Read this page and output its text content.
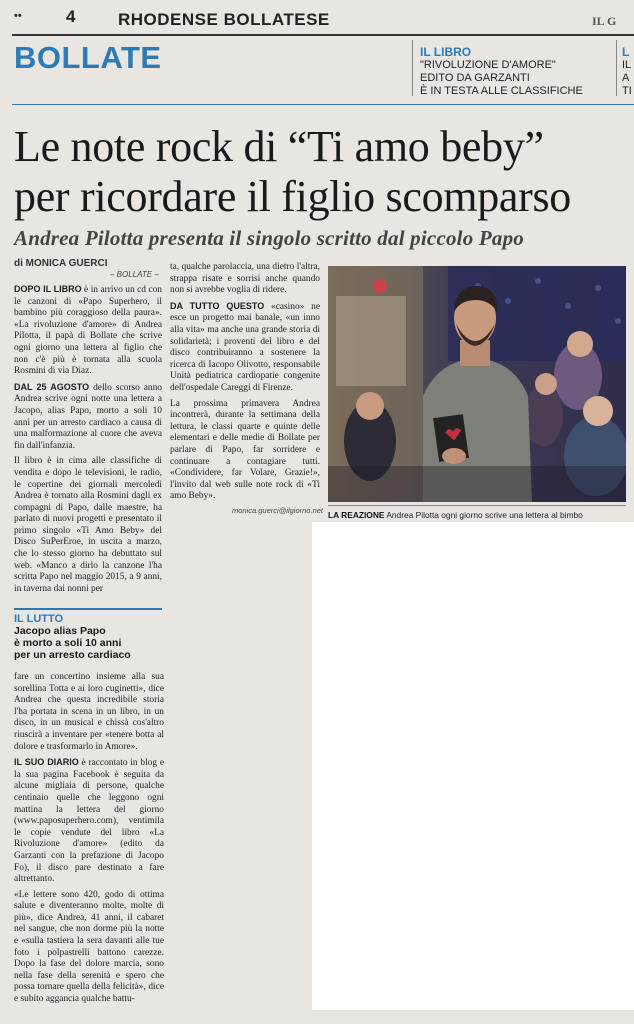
••	4	RHODENSE BOLLATESE	IL G
BOLLATE	IL LIBRO
"RIVOLUZIONE D'AMORE"
EDITO DA GARZANTI
È IN TESTA ALLE CLASSIFICHE
L
IL
A
TI
Le note rock di “Ti amo beby”
per ricordare il figlio scomparso
Andrea Pilotta presenta il singolo scritto dal piccolo Papo
di MONICA GUERCI
– BOLLATE –

DOPO IL LIBRO è in arrivo un cd con le canzoni di «Papo Superhero, il bambino più coraggioso della paura». «La rivoluzione d'amore» di Andrea Pilotta, il papà di Bollate che scrive ogni giorno una lettera al figlio che non c'è più è tornata alla scuola Rosmini di via Diaz.

DAL 25 AGOSTO dello scorso anno Andrea scrive ogni notte una lettera a Jacopo, alias Papo, morto a soli 10 anni per un arresto cardiaco a causa di una malformazione al cuore che aveva fin dall'infanzia.

Il libro è in cima alle classifiche di vendita e dopo le televisioni, le radio, le copertine dei giornali mercoledì Andrea è tornato alla Rosmini dagli ex compagni di Papo, dalle maestre, ha parlato di nuovi progetti e presentato il primo singolo «Ti Amo Beby» del Disco SuPerEroe, in uscita a marzo, che lo stesso giorno ha debuttato sul web. «Manco a dirlo la canzone l'ha scritta Papo nel maggio 2015, a 9 anni, in taverna dai nonni per

ta, qualche parolaccia, una dietro l'altra, strappa risate e sorrisi anche quando non si avrebbe voglia di ridere.

DA TUTTO QUESTO «casino» ne esce un progetto mai banale, «un inno alla vita» ma anche una grande storia di solidarietà; i proventi del libro e del disco contribuiranno a sostenere la ricerca di Iacopo Olivotto, responsabile Unità pediatrica cardiopatie congenite dell'ospedale Careggi di Firenze.

La prossima primavera Andrea incontrerà, durante la settimana della lettura, le classi quarte e quinte delle elementari e delle medie di Bollate per parlare di Papo, far sorridere e continuare a contagiare tutti. «Condividere, far Volare, Grazie!», l'invito dal web sulle note rock di «Ti amo Beby».

monica.guerci@ilgiorno.net LA REAZIONE Andrea Pilotta ogni giorno scrive una lettera al bimbo
IL LUTTO
Jacopo alias Papo
è morto a soli 10 anni
per un arresto cardiaco

fare un concertino insieme alla sua sorellina Totta e ai loro cuginetti», dice Andrea che questa incredibile storia l'ha portata in scena in un libro, in un disco, in un musical e chissà cos'altro riuscirà a inventare per «tenere botta al dolore e trasformarlo in Amore».

IL SUO DIARIO è raccontato in blog e la sua pagina Facebook è seguita da alcune migliaia di persone, qualche centinaio quelle che leggono ogni mattina la lettera del giorno (www.paposuperhero.com), ventimila le copie vendute del libro «La Rivoluzione d'amore» (edito da Garzanti con la prefazione di Jacopo Fo), il disco pare destinato a fare altrettanto.

«Le lettere sono 420, godo di ottima salute e diventeranno molte, molte di più», dice Andrea, 41 anni, il cabaret nel sangue, che non dorme più la notte e «sulla tastiera la sera davanti alle tue foto i polpastrelli battono carezze. Dopo la fase del dolore marcia, sono nella fase della serenità e spero che possa tornare quella della felicità», dice e subito aggancia qualche battu-
